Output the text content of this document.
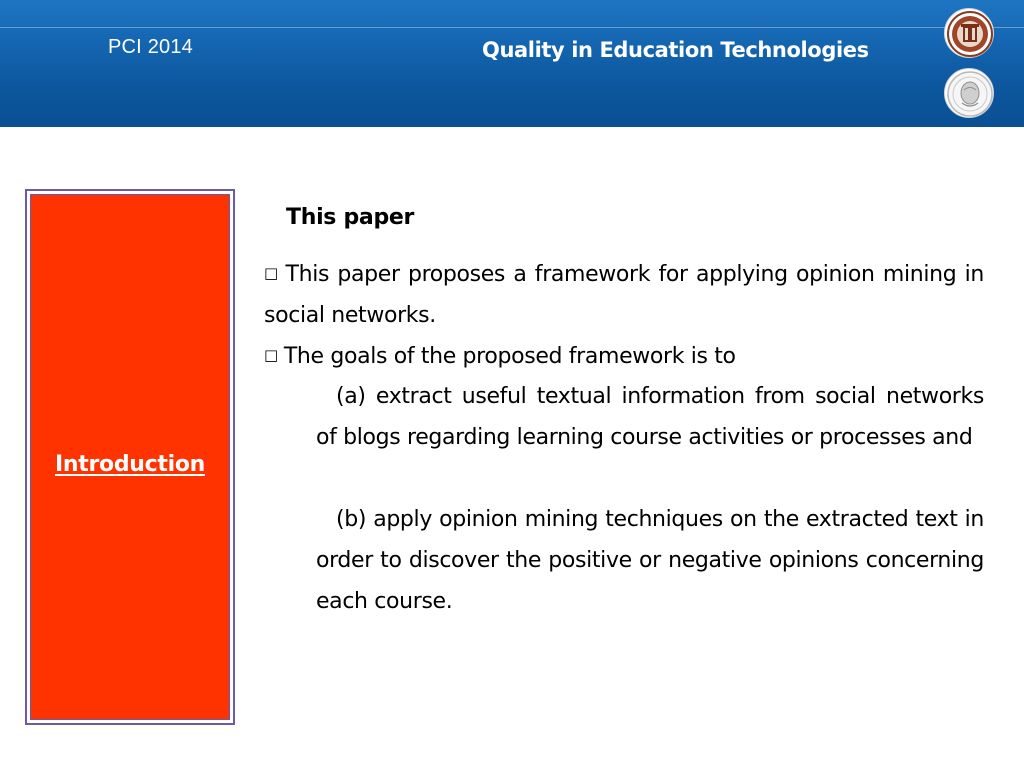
PCI 2014	Quality in Education Technologies
Introduction
This paper
□ This paper proposes a framework for applying opinion mining in social networks.
□ The goals of the proposed framework is to
(a) extract useful textual information from social networks of blogs regarding learning course activities or processes and
(b) apply opinion mining techniques on the extracted text in order to discover the positive or negative opinions concerning each course.
